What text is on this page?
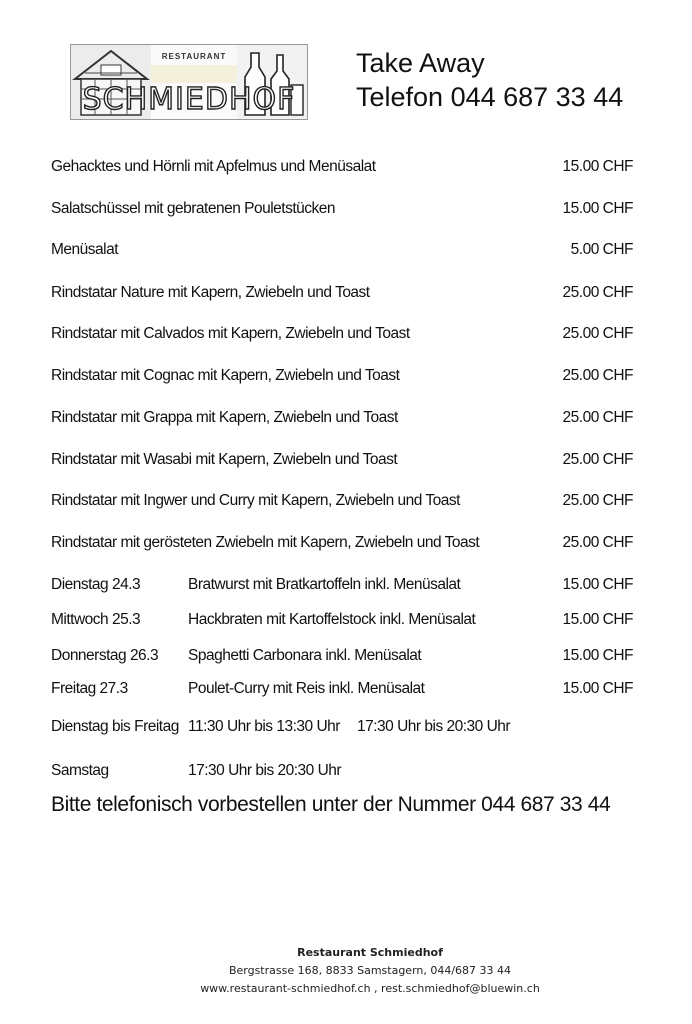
RESTAURANT
SCHMIEDHOF
Take Away
Telefon 044 687 33 44
Gehacktes und Hörnli mit Apfelmus und Menüsalat	15.00 CHF
Salatschüssel mit gebratenen Pouletstücken	15.00 CHF
Menüsalat	5.00 CHF
Rindstatar Nature mit Kapern, Zwiebeln und Toast	25.00 CHF
Rindstatar mit Calvados mit Kapern, Zwiebeln und Toast	25.00 CHF
Rindstatar mit Cognac mit Kapern, Zwiebeln und Toast	25.00 CHF
Rindstatar mit Grappa mit Kapern, Zwiebeln und Toast	25.00 CHF
Rindstatar mit Wasabi mit Kapern, Zwiebeln und Toast	25.00 CHF
Rindstatar mit Ingwer und Curry mit Kapern, Zwiebeln und Toast	25.00 CHF
Rindstatar mit gerösteten Zwiebeln mit Kapern, Zwiebeln und Toast	25.00 CHF
Dienstag 24.3	Bratwurst mit Bratkartoffeln inkl. Menüsalat	15.00 CHF
Mittwoch 25.3	Hackbraten mit Kartoffelstock inkl. Menüsalat	15.00 CHF
Donnerstag 26.3 Spaghetti Carbonara inkl. Menüsalat	15.00 CHF
Freitag 27.3	Poulet-Curry mit Reis inkl. Menüsalat	15.00 CHF
Dienstag bis Freitag 11:30 Uhr bis 13:30 Uhr 17:30 Uhr bis 20:30 Uhr
Samstag	17:30 Uhr bis 20:30 Uhr
Bitte telefonisch vorbestellen unter der Nummer 044 687 33 44
Restaurant Schmiedhof
Bergstrasse 168, 8833 Samstagern, 044/687 33 44
www.restaurant-schmiedhof.ch , rest.schmiedhof@bluewin.ch
